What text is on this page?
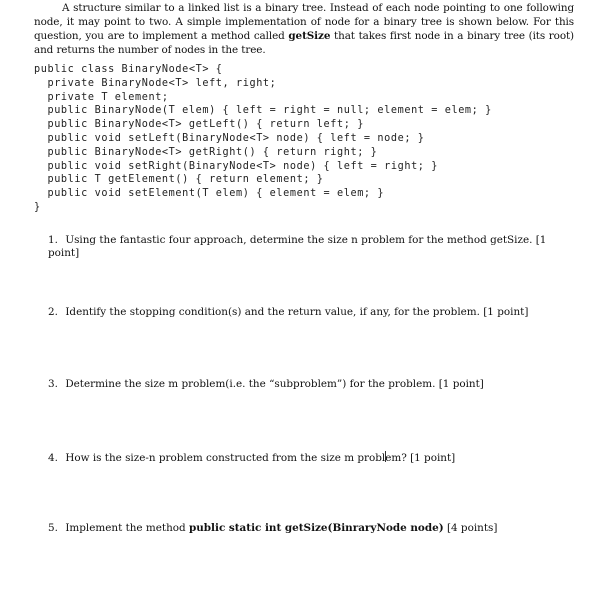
A structure similar to a linked list is a binary tree. Instead of each node pointing to one following node, it may point to two. A simple implementation of node for a binary tree is shown below. For this question, you are to implement a method called getSize that takes first node in a binary tree (its root) and returns the number of nodes in the tree.

public class BinaryNode<T> {
private BinaryNode<T> left, right;
private T element;
public BinaryNode(T elem) { left = right = null; element = elem; }
public BinaryNode<T> getLeft() { return left; }
public void setLeft(BinaryNode<T> node) { left = node; }
public BinaryNode<T> getRight() { return right; }
public void setRight(BinaryNode<T> node) { left = right; }
public T getElement() { return element; }
public void setElement(T elem) { element = elem; }
}
1. Using the fantastic four approach, determine the size n problem for the method getSize. [1 point]
2. Identify the stopping condition(s) and the return value, if any, for the problem. [1 point]
3. Determine the size m problem(i.e. the “subproblem”) for the problem. [1 point]
4. How is the size-n problem constructed from the size m problem? [1 point]
5. Implement the method public static int getSize(BinraryNode node) [4 points]
